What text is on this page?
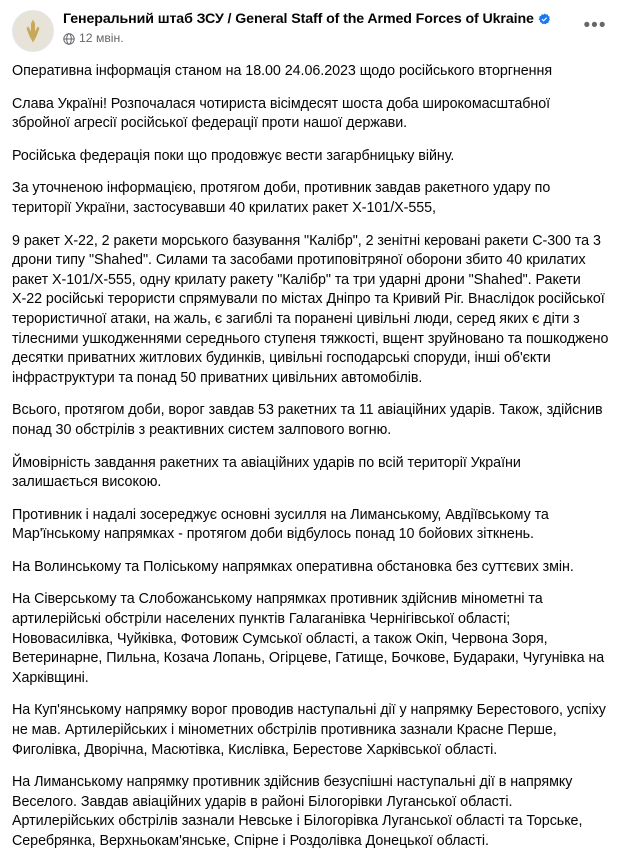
Генеральний штаб ЗСУ / General Staff of the Armed Forces of Ukraine
12 мвін.
•••

Оперативна інформація станом на 18.00 24.06.2023 щодо російського вторгнення

Слава Україні! Розпочалася чотириста вісімдесят шоста доба широкомасштабної збройної агресії російської федерації проти нашої держави.

Російська федерація поки що продовжує вести загарбницьку війну.

За уточненою інформацією, протягом доби, противник завдав ракетного удару по території України, застосувавши 40 крилатих ракет Х-101/Х-555,

9 ракет Х-22, 2 ракети морського базування "Калібр", 2 зенітні керовані ракети С-300 та 3 дрони типу "Shahed". Силами та засобами протиповітряної оборони збито 40 крилатих ракет Х-101/Х-555, одну крилату ракету "Калібр" та три ударні дрони "Shahed". Ракети Х-22 російські терористи спрямували по містах Дніпро та Кривий Ріг. Внаслідок російської терористичної атаки, на жаль, є загиблі та поранені цивільні люди, серед яких є діти з тілесними ушкодженнями середнього ступеня тяжкості, вщент зруйновано та пошкоджено десятки приватних житлових будинків, цивільні господарські споруди, інші об'єкти інфраструктури та понад 50 приватних цивільних автомобілів.

Всього, протягом доби, ворог завдав 53 ракетних та 11 авіаційних ударів. Також, здійснив понад 30 обстрілів з реактивних систем залпового вогню.

Ймовірність завдання ракетних та авіаційних ударів по всій території України залишається високою.

Противник і надалі зосереджує основні зусилля на Лиманському, Авдіївському та Мар'їнському напрямках - протягом доби відбулось понад 10 бойових зіткнень.

На Волинському та Поліському напрямках оперативна обстановка без суттєвих змін.

На Сіверському та Слобожанському напрямках противник здійснив мінометні та артилерійські обстріли населених пунктів Галаганівка Чернігівської області; Нововасилівка, Чуйківка, Фотовиж Сумської області, а також Окіп, Червона Зоря, Ветеринарне, Пильна, Козача Лопань, Огірцеве, Гатище, Бочкове, Будараки, Чугунівка на Харківщині.

На Куп'янському напрямку ворог проводив наступальні дії у напрямку Берестового, успіху не мав. Артилерійських і мінометних обстрілів противника зазнали Красне Перше, Фиголівка, Дворічна, Масютівка, Кислівка, Берестове Харківської області.

На Лиманському напрямку противник здійснив безуспішні наступальні дії в напрямку Веселого. Завдав авіаційних ударів в районі Білогорівки Луганської області. Артилерійських обстрілів зазнали Невське і Білогорівка Луганської області та Торське, Серебрянка, Верхньокам'янське, Спірне і Роздолівка Донецької області.
